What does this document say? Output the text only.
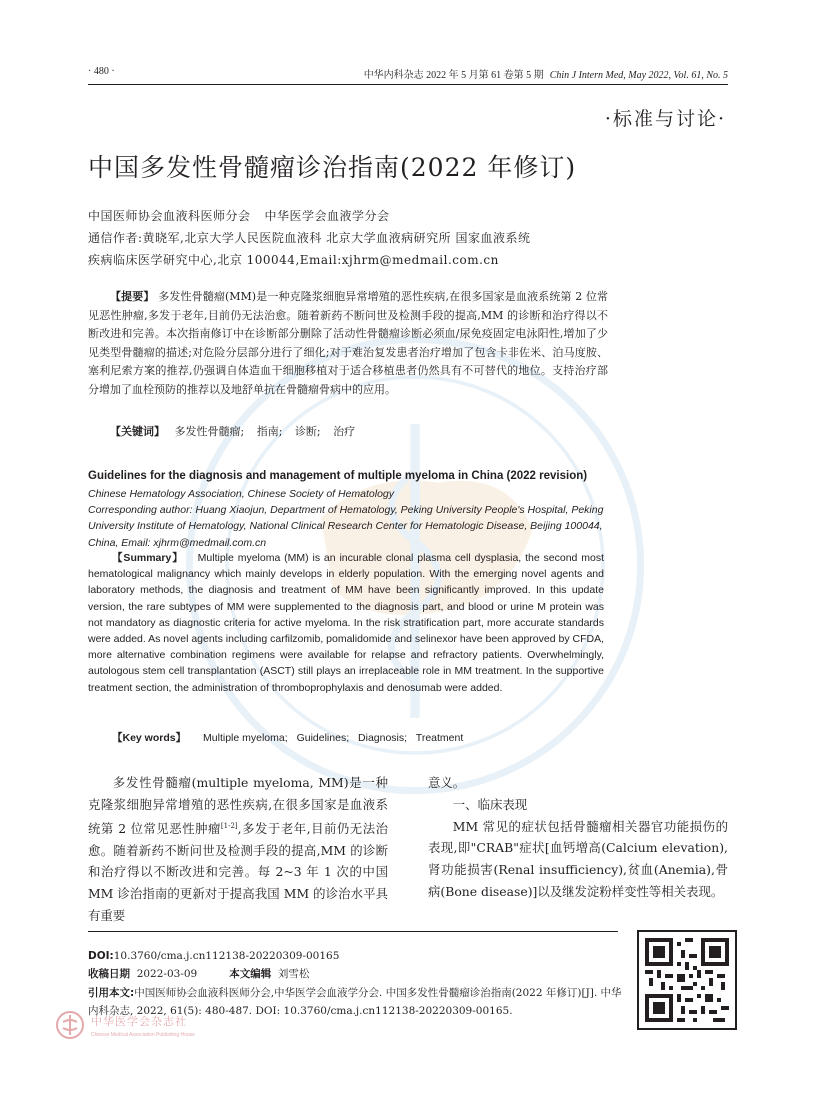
· 480 ·	中华内科杂志 2022 年 5 月第 61 卷第 5 期 Chin J Intern Med, May 2022, Vol. 61, No. 5
·标准与讨论·
中国多发性骨髓瘤诊治指南(2022 年修订)
中国医师协会血液科医师分会 中华医学会血液学分会
通信作者:黄晓军,北京大学人民医院血液科 北京大学血液病研究所 国家血液系统
疾病临床医学研究中心,北京 100044,Email:xjhrm@medmail.com.cn
【提要】 多发性骨髓瘤(MM)是一种克隆浆细胞异常增殖的恶性疾病,在很多国家是血液系统第 2 位常见恶性肿瘤,多发于老年,目前仍无法治愈。随着新药不断问世及检测手段的提高,MM 的诊断和治疗得以不断改进和完善。本次指南修订中在诊断部分删除了活动性骨髓瘤诊断必须血/尿免疫固定电泳阳性,增加了少见类型骨髓瘤的描述;对危险分层部分进行了细化;对于难治复发患者治疗增加了包含卡非佐米、泊马度胺、塞利尼索方案的推荐,仍强调自体造血干细胞移植对于适合移植患者仍然具有不可替代的地位。支持治疗部分增加了血栓预防的推荐以及地舒单抗在骨髓瘤骨病中的应用。
【关键词】 多发性骨髓瘤; 指南; 诊断; 治疗
Guidelines for the diagnosis and management of multiple myeloma in China (2022 revision)
Chinese Hematology Association, Chinese Society of Hematology
Corresponding author: Huang Xiaojun, Department of Hematology, Peking University People's Hospital, Peking University Institute of Hematology, National Clinical Research Center for Hematologic Disease, Beijing 100044, China, Email: xjhrm@medmail.com.cn
【Summary】 Multiple myeloma (MM) is an incurable clonal plasma cell dysplasia, the second most hematological malignancy which mainly develops in elderly population. With the emerging novel agents and laboratory methods, the diagnosis and treatment of MM have been significantly improved. In this update version, the rare subtypes of MM were supplemented to the diagnosis part, and blood or urine M protein was not mandatory as diagnostic criteria for active myeloma. In the risk stratification part, more accurate standards were added. As novel agents including carfilzomib, pomalidomide and selinexor have been approved by CFDA, more alternative combination regimens were available for relapse and refractory patients. Overwhelmingly, autologous stem cell transplantation (ASCT) still plays an irreplaceable role in MM treatment. In the supportive treatment section, the administration of thromboprophylaxis and denosumab were added.
【Key words】 Multiple myeloma; Guidelines; Diagnosis; Treatment

多发性骨髓瘤(multiple myeloma, MM)是一种克隆浆细胞异常增殖的恶性疾病,在很多国家是血液系统第 2 位常见恶性肿瘤[1-2],多发于老年,目前仍无法治愈。随着新药不断问世及检测手段的提高,MM 的诊断和治疗得以不断改进和完善。每 2~3 年 1 次的中国 MM 诊治指南的更新对于提高我国 MM 的诊治水平具有重要

意义。

一、临床表现

MM 常见的症状包括骨髓瘤相关器官功能损伤的表现,即"CRAB"症状[血钙增高(Calcium elevation),肾功能损害(Renal insufficiency),贫血(Anemia),骨病(Bone disease)]以及继发淀粉样变性等相关表现。

DOI:10.3760/cma.j.cn112138-20220309-00165
收稿日期 2022-03-09	本文编辑 刘雪松
引用本文:中国医师协会血液科医师分会,中华医学会血液学分会. 中国多发性骨髓瘤诊治指南(2022 年修订)[J]. 中华内科杂志, 2022, 61(5): 480-487. DOI: 10.3760/cma.j.cn112138-20220309-00165.
中华医学会杂志社
Chinese Medical Association Publishing House
